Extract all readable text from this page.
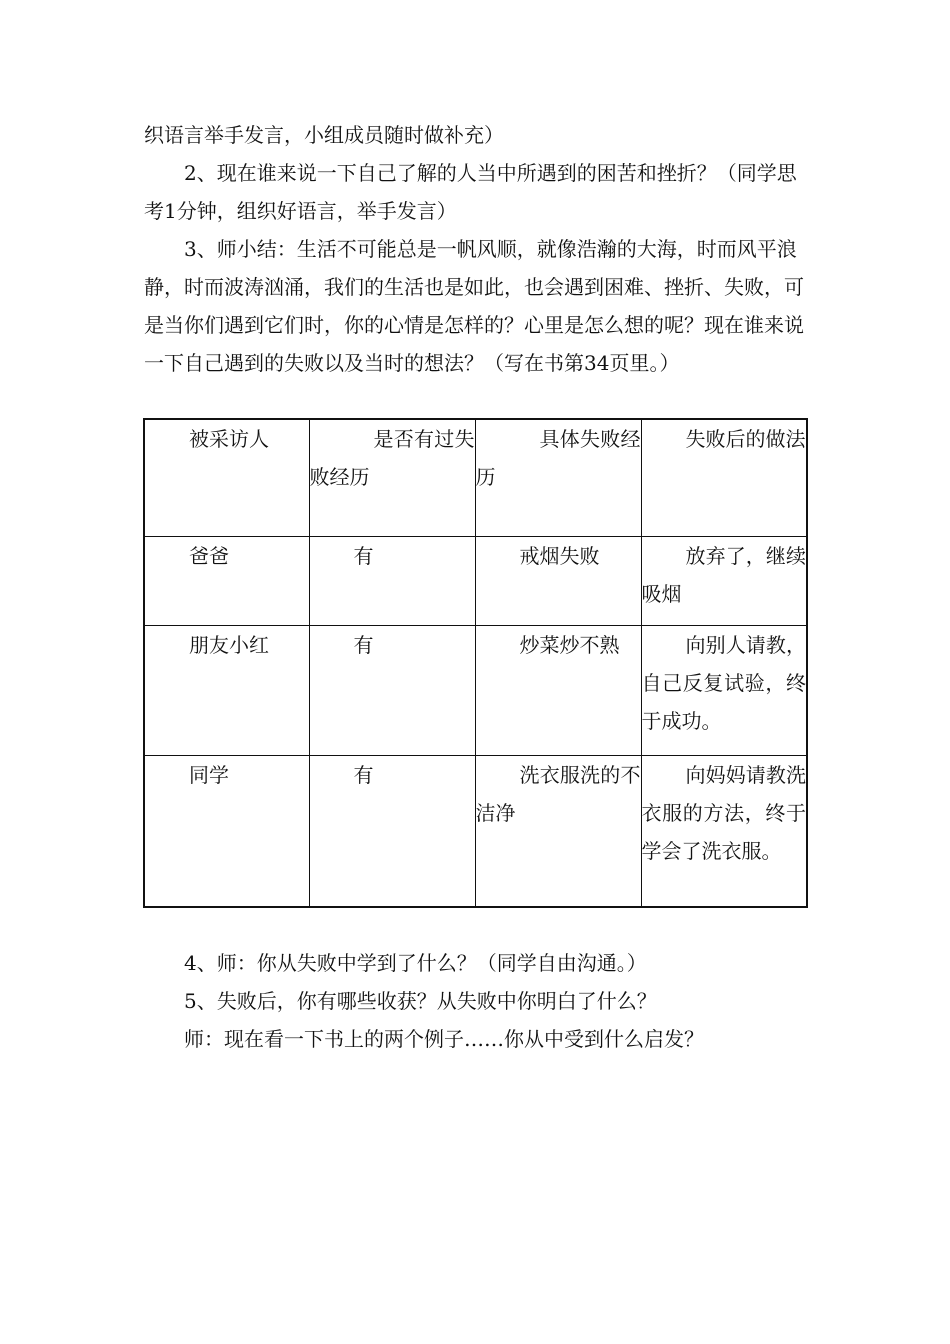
织语言举手发言，小组成员随时做补充）

2、现在谁来说一下自己了解的人当中所遇到的困苦和挫折？（同学思考1分钟，组织好语言，举手发言）

3、师小结：生活不可能总是一帆风顺，就像浩瀚的大海，时而风平浪静，时而波涛汹涌，我们的生活也是如此，也会遇到困难、挫折、失败，可是当你们遇到它们时，你的心情是怎样的？心里是怎么想的呢？现在谁来说一下自己遇到的失败以及当时的想法？（写在书第34页里。）

被采访人	是否有过失败经历	具体失败经历	失败后的做法

爸爸	有	戒烟失败	放弃了，继续吸烟

朋友小红	有	炒菜炒不熟	向别人请教，自己反复试验，终于成功。

同学	有	洗衣服洗的不洁净	向妈妈请教洗衣服的方法，终于学会了洗衣服。

4、师：你从失败中学到了什么？（同学自由沟通。）

5、失败后，你有哪些收获？从失败中你明白了什么？

师：现在看一下书上的两个例子……你从中受到什么启发？
